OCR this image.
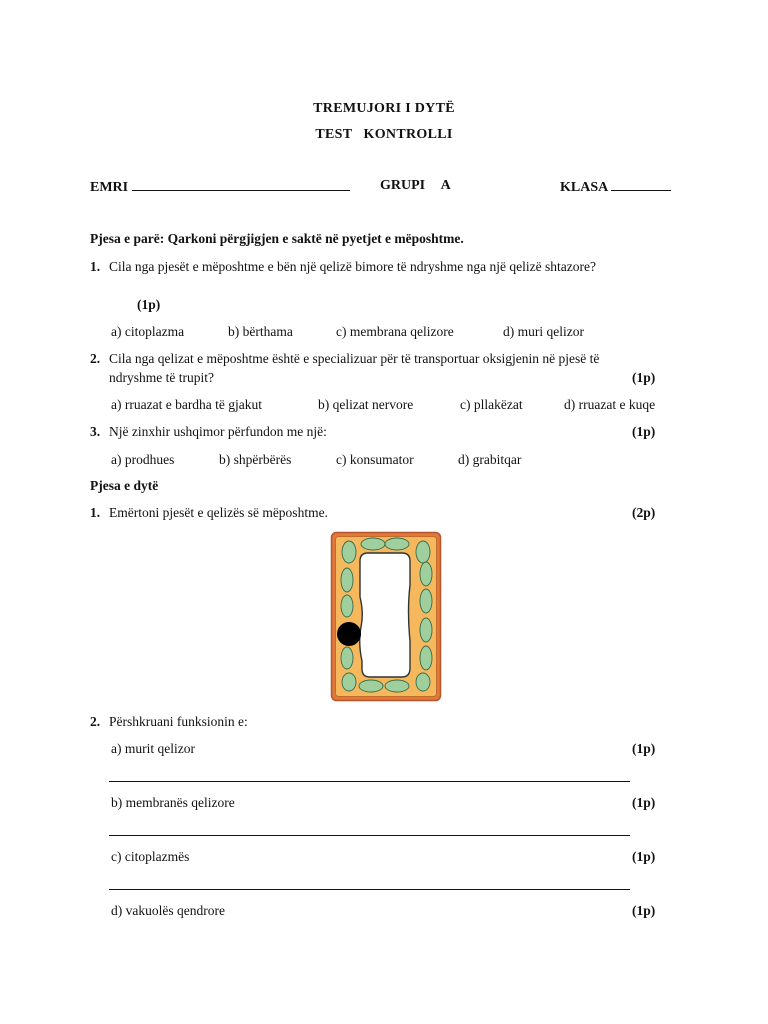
TREMUJORI I DYTË
TEST   KONTROLLI
EMRI	GRUPI A	KLASA
Pjesa e parë: Qarkoni përgjigjen e saktë në pyetjet e mëposhtme.
1. Cila nga pjesët e mëposhtme e bën një qelizë bimore të ndryshme nga një qelizë shtazore?
(1p)
a) citoplazma	b) bërthama	c) membrana qelizore	d) muri qelizor
2. Cila nga qelizat e mëposhtme është e specializuar për të transportuar oksigjenin në pjesë të
ndryshme të trupit?	(1p)
a) rruazat e bardha të gjakut	b) qelizat nervore	c) pllakëzat	d) rruazat e kuqe
3. Një zinxhir ushqimor përfundon me një:	(1p)
a) prodhues	b) shpërbërës	c) konsumator	d) grabitqar
Pjesa e dytë
1. Emërtoni pjesët e qelizës së mëposhtme.	(2p)
2. Përshkruani funksionin e:
a) murit qelizor	(1p)
b) membranës qelizore	(1p)
c) citoplazmës	(1p)
d) vakuolës qendrore	(1p)
